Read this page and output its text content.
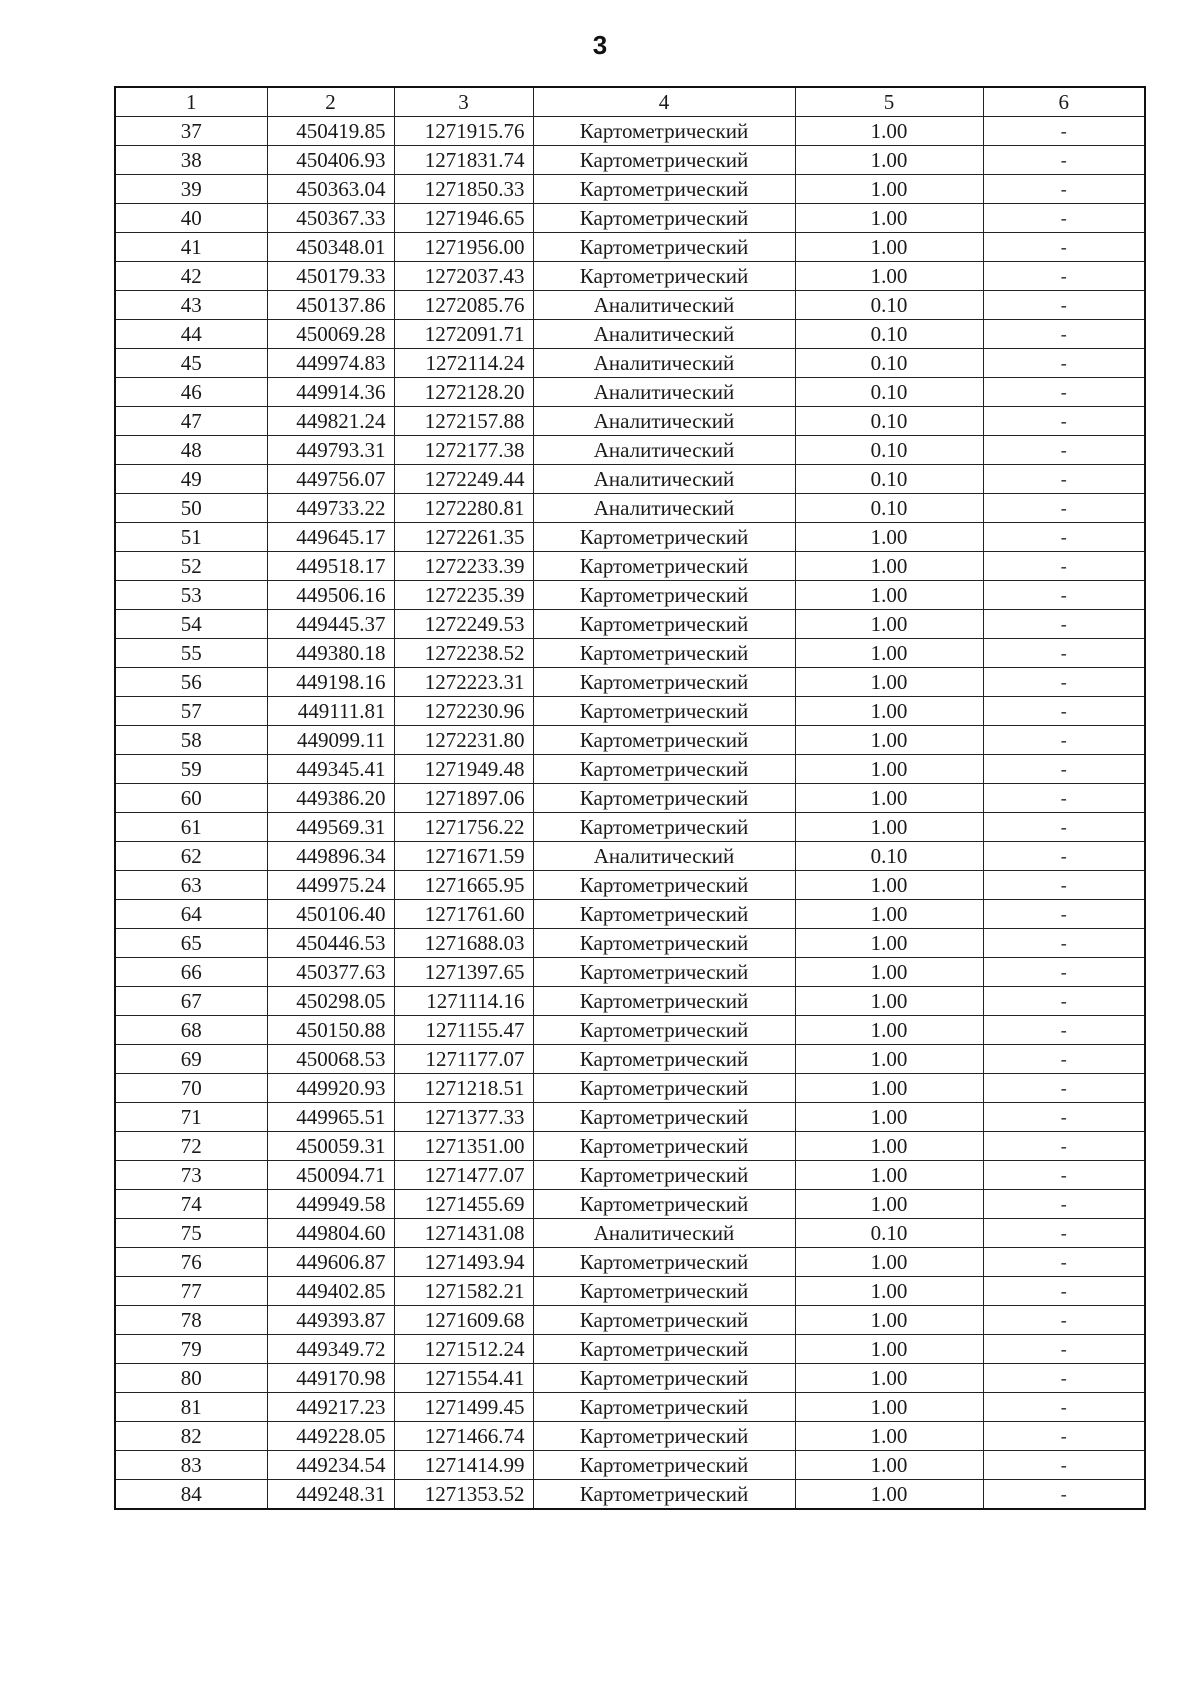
3
1	2	3	4	5	6
37	450419.85	1271915.76	Картометрический	1.00	-
38	450406.93	1271831.74	Картометрический	1.00	-
39	450363.04	1271850.33	Картометрический	1.00	-
40	450367.33	1271946.65	Картометрический	1.00	-
41	450348.01	1271956.00	Картометрический	1.00	-
42	450179.33	1272037.43	Картометрический	1.00	-
43	450137.86	1272085.76	Аналитический	0.10	-
44	450069.28	1272091.71	Аналитический	0.10	-
45	449974.83	1272114.24	Аналитический	0.10	-
46	449914.36	1272128.20	Аналитический	0.10	-
47	449821.24	1272157.88	Аналитический	0.10	-
48	449793.31	1272177.38	Аналитический	0.10	-
49	449756.07	1272249.44	Аналитический	0.10	-
50	449733.22	1272280.81	Аналитический	0.10	-
51	449645.17	1272261.35	Картометрический	1.00	-
52	449518.17	1272233.39	Картометрический	1.00	-
53	449506.16	1272235.39	Картометрический	1.00	-
54	449445.37	1272249.53	Картометрический	1.00	-
55	449380.18	1272238.52	Картометрический	1.00	-
56	449198.16	1272223.31	Картометрический	1.00	-
57	449111.81	1272230.96	Картометрический	1.00	-
58	449099.11	1272231.80	Картометрический	1.00	-
59	449345.41	1271949.48	Картометрический	1.00	-
60	449386.20	1271897.06	Картометрический	1.00	-
61	449569.31	1271756.22	Картометрический	1.00	-
62	449896.34	1271671.59	Аналитический	0.10	-
63	449975.24	1271665.95	Картометрический	1.00	-
64	450106.40	1271761.60	Картометрический	1.00	-
65	450446.53	1271688.03	Картометрический	1.00	-
66	450377.63	1271397.65	Картометрический	1.00	-
67	450298.05	1271114.16	Картометрический	1.00	-
68	450150.88	1271155.47	Картометрический	1.00	-
69	450068.53	1271177.07	Картометрический	1.00	-
70	449920.93	1271218.51	Картометрический	1.00	-
71	449965.51	1271377.33	Картометрический	1.00	-
72	450059.31	1271351.00	Картометрический	1.00	-
73	450094.71	1271477.07	Картометрический	1.00	-
74	449949.58	1271455.69	Картометрический	1.00	-
75	449804.60	1271431.08	Аналитический	0.10	-
76	449606.87	1271493.94	Картометрический	1.00	-
77	449402.85	1271582.21	Картометрический	1.00	-
78	449393.87	1271609.68	Картометрический	1.00	-
79	449349.72	1271512.24	Картометрический	1.00	-
80	449170.98	1271554.41	Картометрический	1.00	-
81	449217.23	1271499.45	Картометрический	1.00	-
82	449228.05	1271466.74	Картометрический	1.00	-
83	449234.54	1271414.99	Картометрический	1.00	-
84	449248.31	1271353.52	Картометрический	1.00	-
